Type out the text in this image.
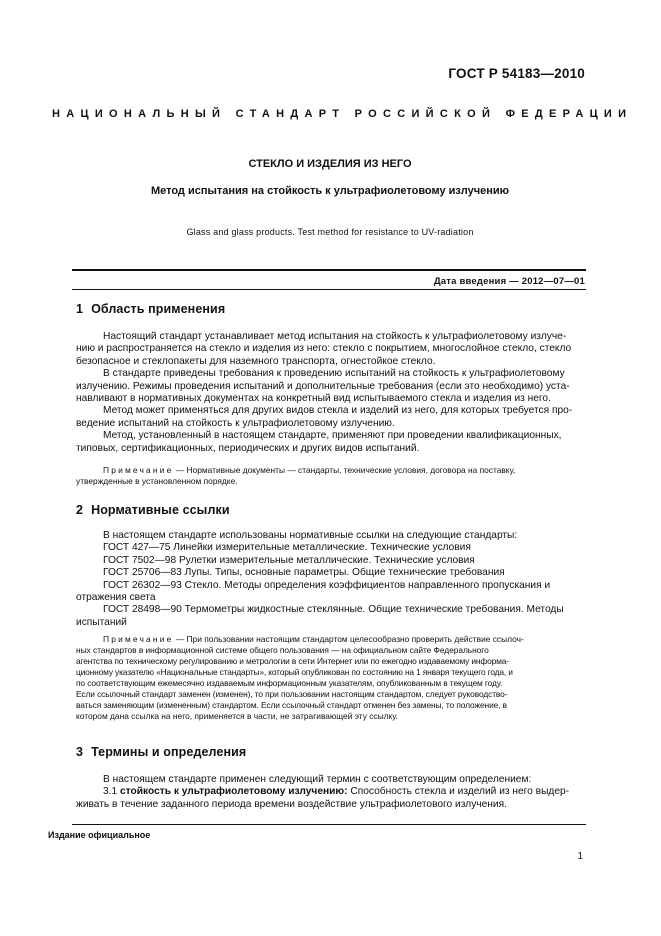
ГОСТ Р 54183—2010
НАЦИОНАЛЬНЫЙ СТАНДАРТ РОССИЙСКОЙ ФЕДЕРАЦИИ
СТЕКЛО И ИЗДЕЛИЯ ИЗ НЕГО
Метод испытания на стойкость к ультрафиолетовому излучению
Glass and glass products. Test method for resistance to UV-radiation
Дата введения — 2012—07—01
1 Область применения
Настоящий стандарт устанавливает метод испытания на стойкость к ультрафиолетовому излуче-
нию и распространяется на стекло и изделия из него: стекло с покрытием, многослойное стекло, стекло
безопасное и стеклопакеты для наземного транспорта, огнестойкое стекло.
В стандарте приведены требования к проведению испытаний на стойкость к ультрафиолетовому
излучению. Режимы проведения испытаний и дополнительные требования (если это необходимо) уста-
навливают в нормативных документах на конкретный вид испытываемого стекла и изделия из него.
Метод может применяться для других видов стекла и изделий из него, для которых требуется про-
ведение испытаний на стойкость к ультрафиолетовому излучению.
Метод, установленный в настоящем стандарте, применяют при проведении квалификационных,
типовых, сертификационных, периодических и других видов испытаний.
Примечание — Нормативные документы — стандарты, технические условия, договора на поставку,
утвержденные в установленном порядке.
2 Нормативные ссылки
В настоящем стандарте использованы нормативные ссылки на следующие стандарты:
ГОСТ 427—75 Линейки измерительные металлические. Технические условия
ГОСТ 7502—98 Рулетки измерительные металлические. Технические условия
ГОСТ 25706—83 Лупы. Типы, основные параметры. Общие технические требования
ГОСТ 26302—93 Стекло. Методы определения коэффициентов направленного пропускания и
отражения света
ГОСТ 28498—90 Термометры жидкостные стеклянные. Общие технические требования. Методы
испытаний
Примечание — При пользовании настоящим стандартом целесообразно проверить действие ссылоч-
ных стандартов в информационной системе общего пользования — на официальном сайте Федерального
агентства по техническому регулированию и метрологии в сети Интернет или по ежегодно издаваемому информа-
ционному указателю «Национальные стандарты», который опубликован по состоянию на 1 января текущего года, и
по соответствующим ежемесячно издаваемым информационным указателям, опубликованным в текущем году.
Если ссылочный стандарт заменен (изменен), то при пользовании настоящим стандартом, следует руководство-
ваться заменяющим (измененным) стандартом. Если ссылочный стандарт отменен без замены, то положение, в
котором дана ссылка на него, применяется в части, не затрагивающей эту ссылку.
3 Термины и определения
В настоящем стандарте применен следующий термин с соответствующим определением:
3.1 стойкость к ультрафиолетовому излучению: Способность стекла и изделий из него выдер-
живать в течение заданного периода времени воздействие ультрафиолетового излучения.
Издание официальное
1
